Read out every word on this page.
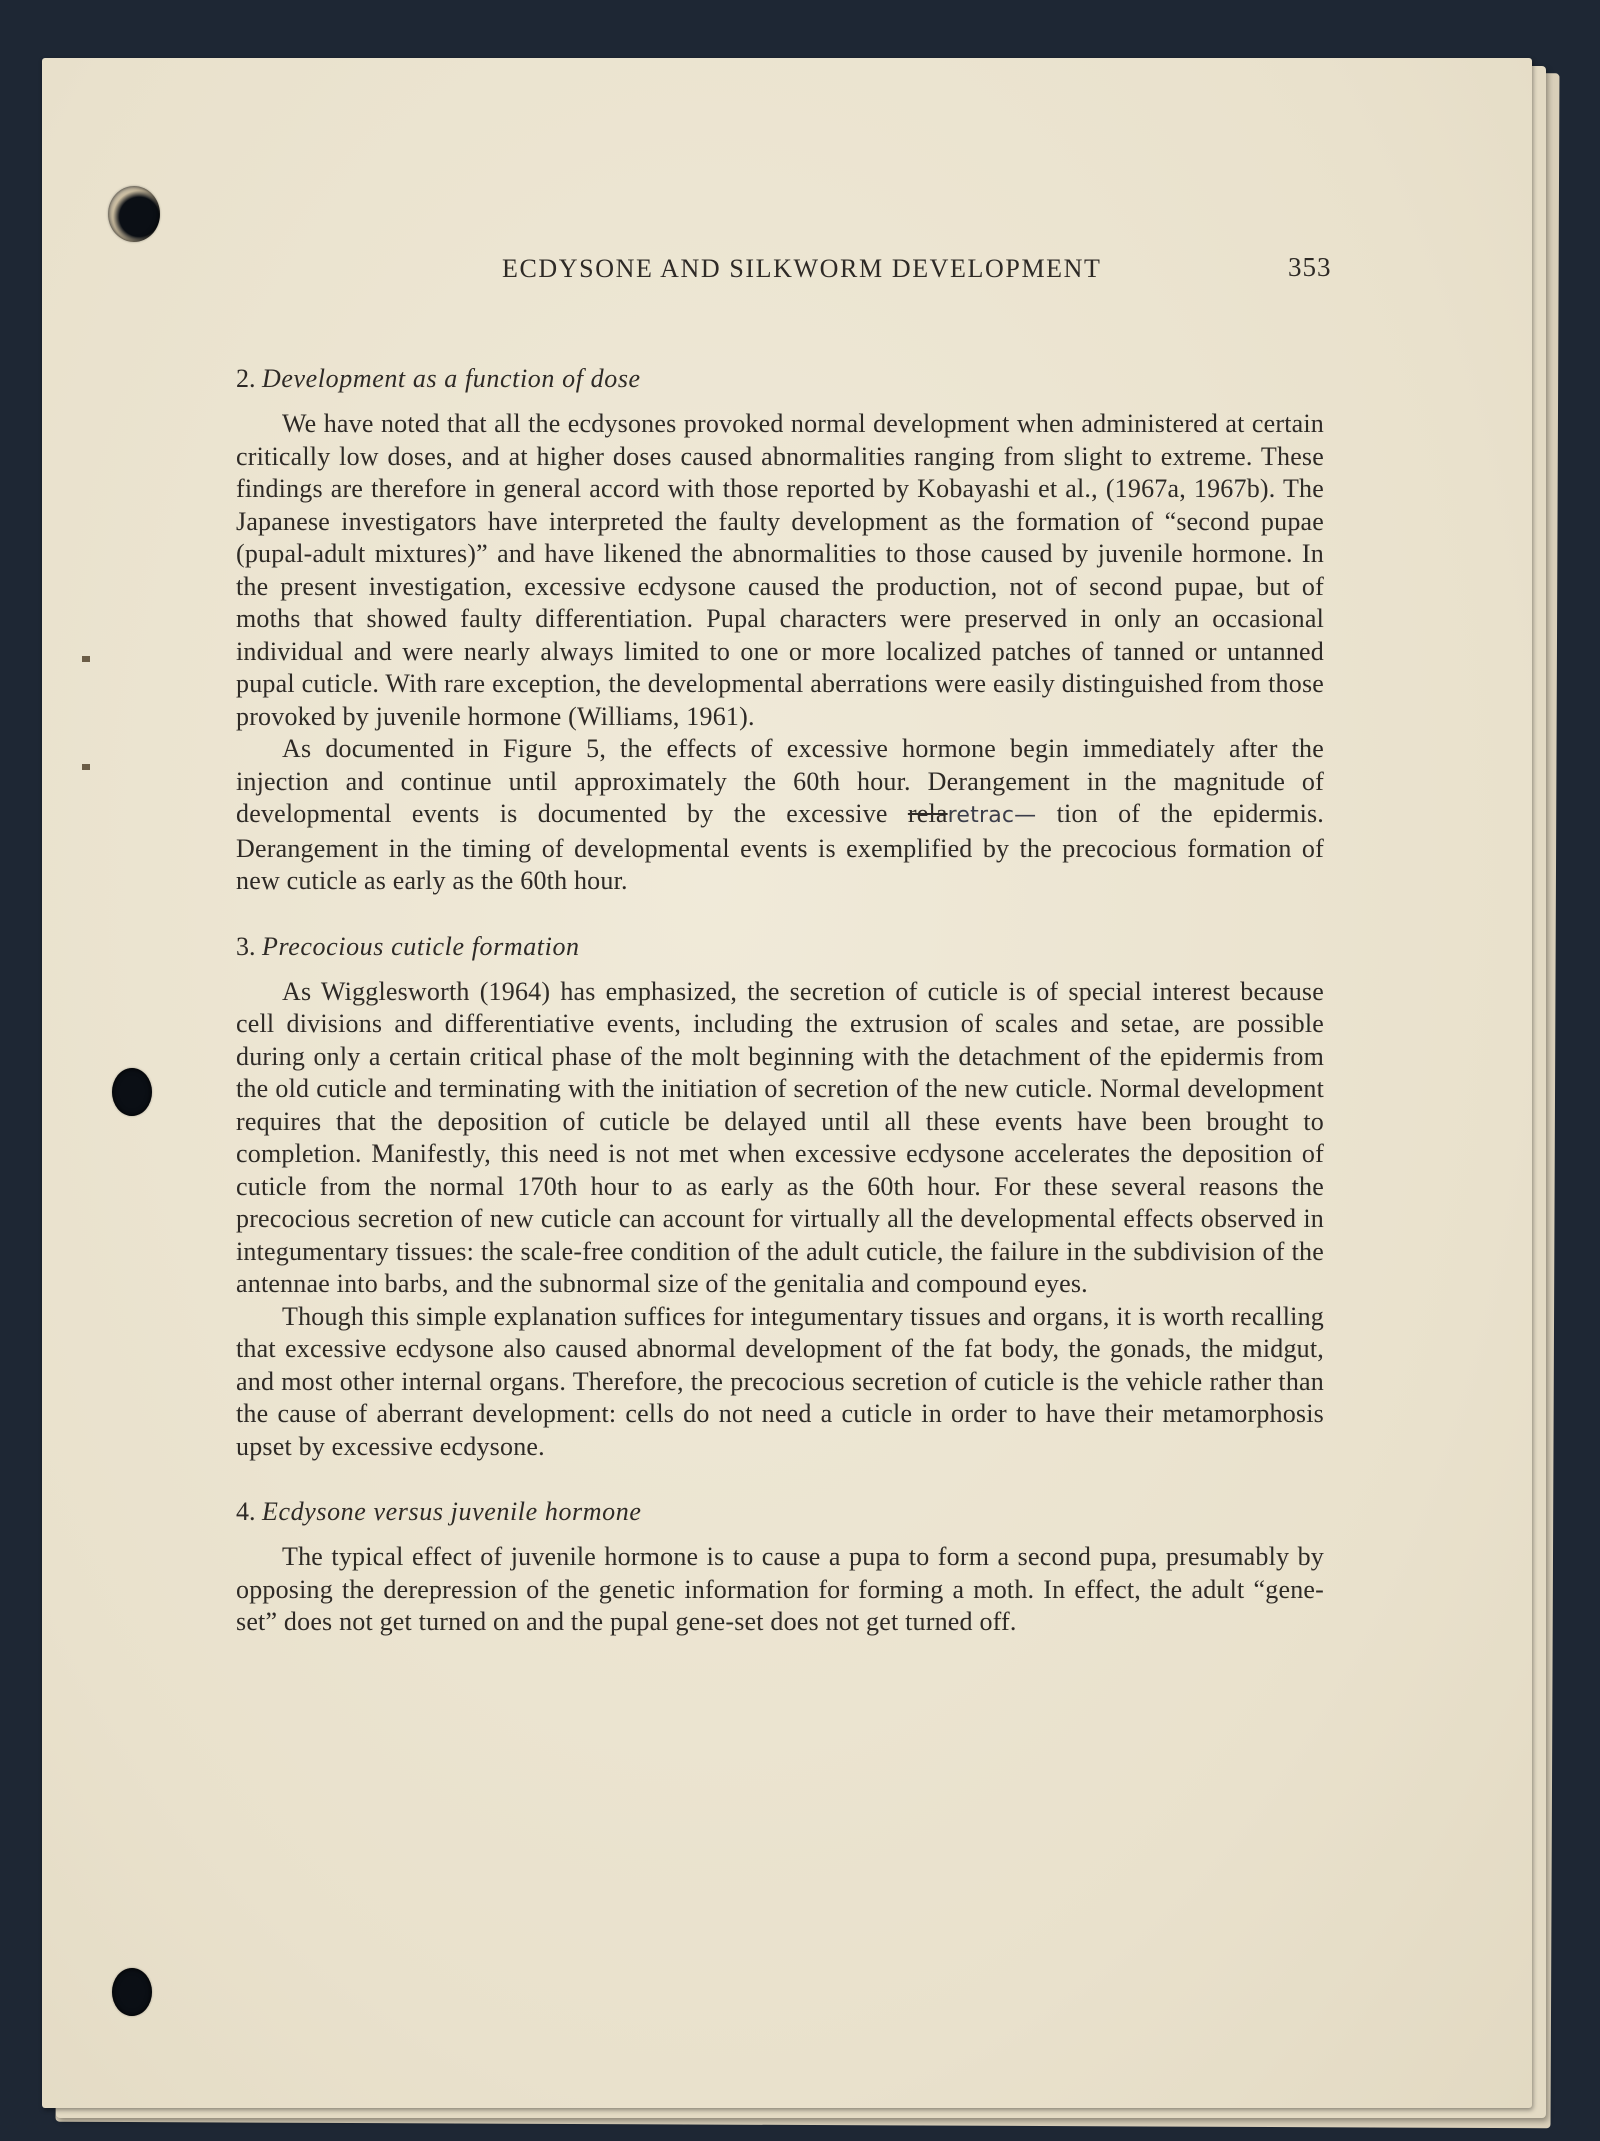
ECDYSONE AND SILKWORM DEVELOPMENT	353
2. Development as a function of dose

We have noted that all the ecdysones provoked normal development when administered at certain critically low doses, and at higher doses caused abnormalities ranging from slight to extreme. These findings are therefore in general accord with those reported by Kobayashi et al., (1967a, 1967b). The Japanese investigators have interpreted the faulty development as the formation of “second pupae (pupal-adult mixtures)” and have likened the abnormalities to those caused by juvenile hormone. In the present investigation, excessive ecdysone caused the production, not of second pupae, but of moths that showed faulty differentiation. Pupal characters were preserved in only an occasional individual and were nearly always limited to one or more localized patches of tanned or untanned pupal cuticle. With rare exception, the developmental aberrations were easily distinguished from those provoked by juvenile hormone (Williams, 1961).

As documented in Figure 5, the effects of excessive hormone begin immediately after the injection and continue until approximately the 60th hour. Derangement in the magnitude of developmental events is documented by the excessive relaretrac— tion of the epidermis. Derangement in the timing of developmental events is exemplified by the precocious formation of new cuticle as early as the 60th hour.

3. Precocious cuticle formation

As Wigglesworth (1964) has emphasized, the secretion of cuticle is of special interest because cell divisions and differentiative events, including the extrusion of scales and setae, are possible during only a certain critical phase of the molt beginning with the detachment of the epidermis from the old cuticle and terminating with the initiation of secretion of the new cuticle. Normal development requires that the deposition of cuticle be delayed until all these events have been brought to completion. Manifestly, this need is not met when excessive ecdysone accelerates the deposition of cuticle from the normal 170th hour to as early as the 60th hour. For these several reasons the precocious secretion of new cuticle can account for virtually all the developmental effects observed in integumentary tissues: the scale-free condition of the adult cuticle, the failure in the subdivision of the antennae into barbs, and the subnormal size of the genitalia and compound eyes.

Though this simple explanation suffices for integumentary tissues and organs, it is worth recalling that excessive ecdysone also caused abnormal development of the fat body, the gonads, the midgut, and most other internal organs. Therefore, the precocious secretion of cuticle is the vehicle rather than the cause of aberrant development: cells do not need a cuticle in order to have their metamorphosis upset by excessive ecdysone.

4. Ecdysone versus juvenile hormone

The typical effect of juvenile hormone is to cause a pupa to form a second pupa, presumably by opposing the derepression of the genetic information for forming a moth. In effect, the adult “gene-set” does not get turned on and the pupal gene-set does not get turned off.
